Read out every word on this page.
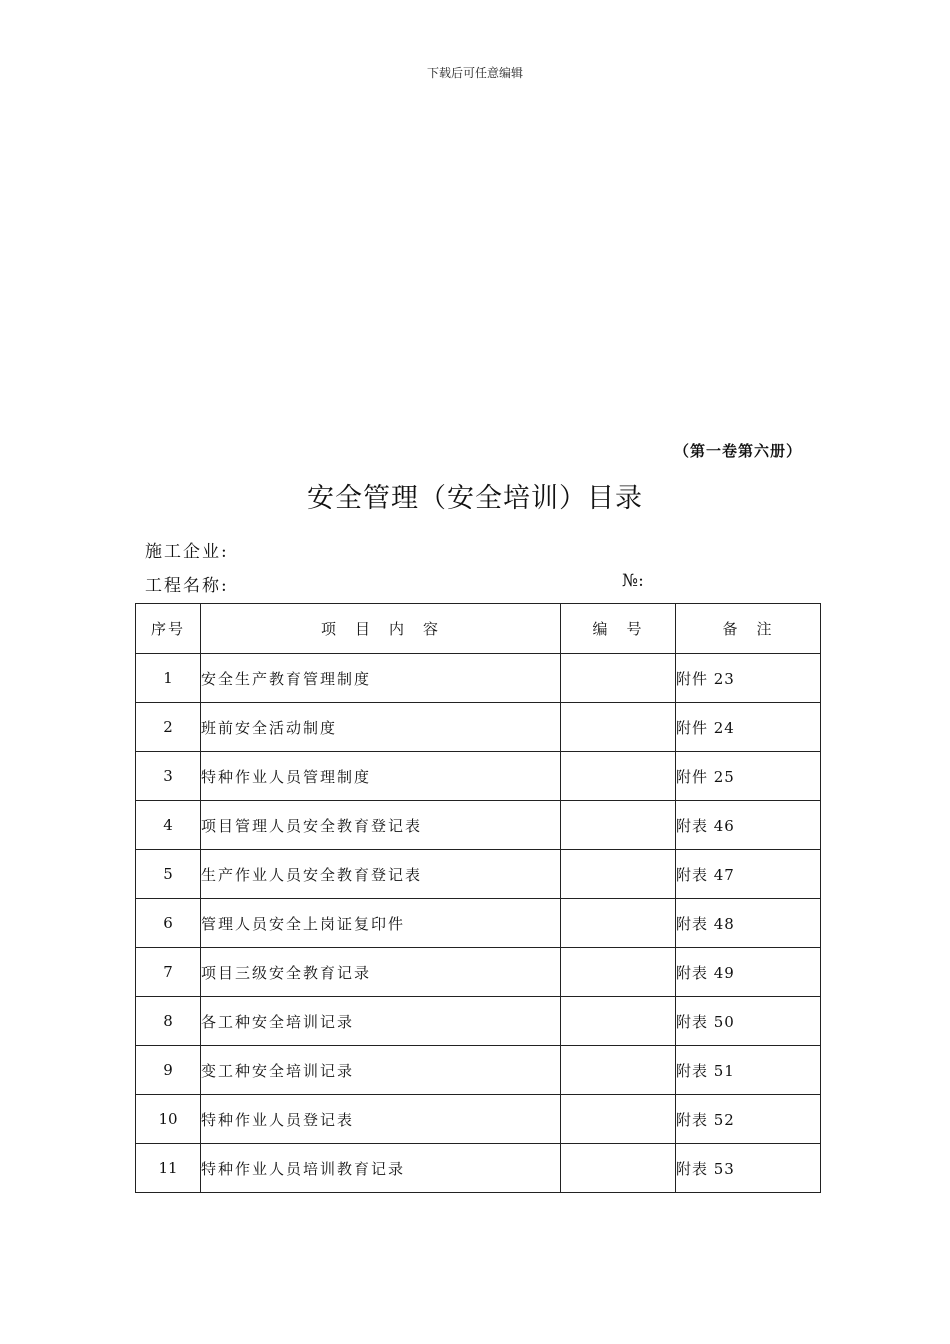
下载后可任意编辑
（第一卷第六册）
安全管理（安全培训）目录
施工企业:
工程名称:	№:
序号	项　目　内　容	编　号	备　注
1	安全生产教育管理制度		附件 23
2	班前安全活动制度		附件 24
3	特种作业人员管理制度		附件 25
4	项目管理人员安全教育登记表		附表 46
5	生产作业人员安全教育登记表		附表 47
6	管理人员安全上岗证复印件		附表 48
7	项目三级安全教育记录		附表 49
8	各工种安全培训记录		附表 50
9	变工种安全培训记录		附表 51
10	特种作业人员登记表		附表 52
11	特种作业人员培训教育记录		附表 53
